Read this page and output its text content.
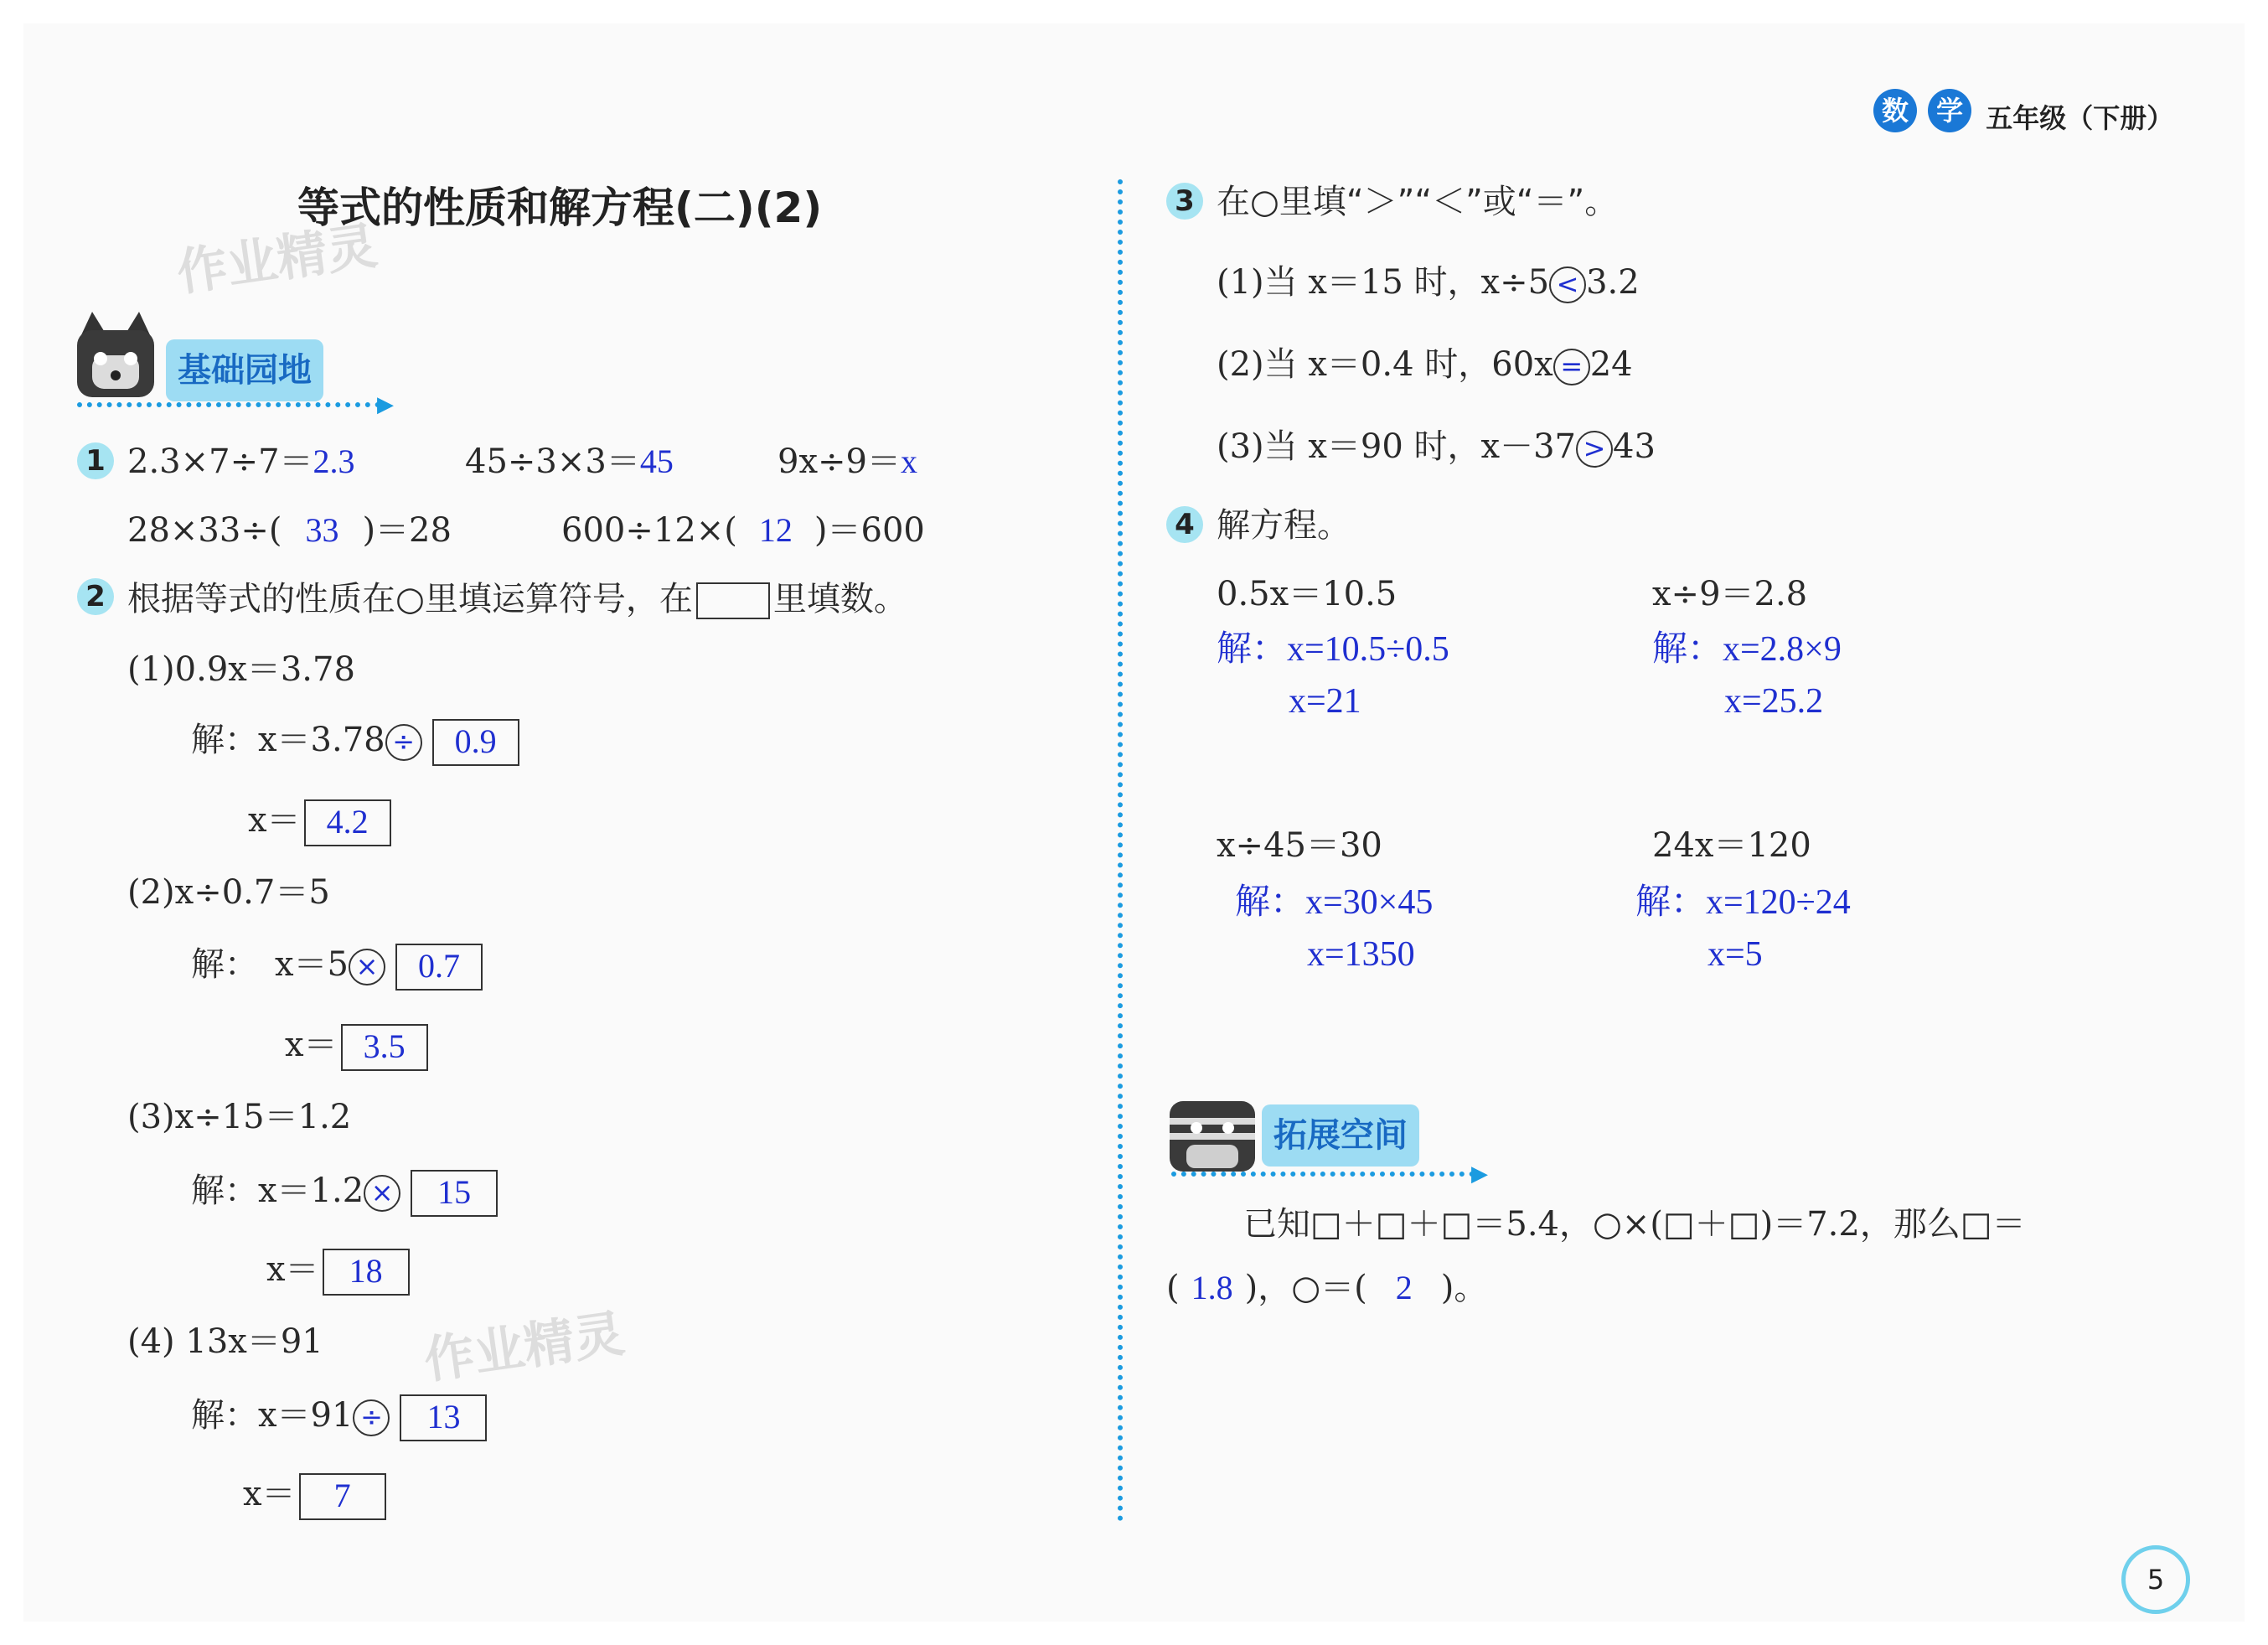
数 学 五年级（下册）
等式的性质和解方程(二)(2)
作业精灵
作业精灵
基础园地
▶
1 2.3×7÷7＝2.3	45÷3×3＝45	9x÷9＝x
28×33÷( 33 )＝28	600÷12×( 12 )＝600
2 根据等式的性质在○里填运算符号，在 里填数。
(1)0.9x＝3.78
解：x＝3.78 ÷ 0.9
x＝ 4.2
(2)x÷0.7＝5
解：　x＝5 × 0.7
x＝ 3.5
(3)x÷15＝1.2
解：x＝1.2 × 15
x＝ 18
(4) 13x＝91
解：x＝91 ÷ 13
x＝ 7
3 在○里填“＞”“＜”或“＝”。
(1)当 x＝15 时，x÷5 < 3.2
(2)当 x＝0.4 时，60x = 24
(3)当 x＝90 时，x－37 > 43
4 解方程。
0.5x＝10.5
解：x=10.5÷0.5
x=21
x÷9＝2.8
解：x=2.8×9
x=25.2
x÷45＝30
解：x=30×45
x=1350
24x＝120
解：x=120÷24
x=5
拓展空间
▶
已知□＋□＋□＝5.4，○×(□＋□)＝7.2，那么□＝
( 1.8 )，○＝( 2 )。
5
